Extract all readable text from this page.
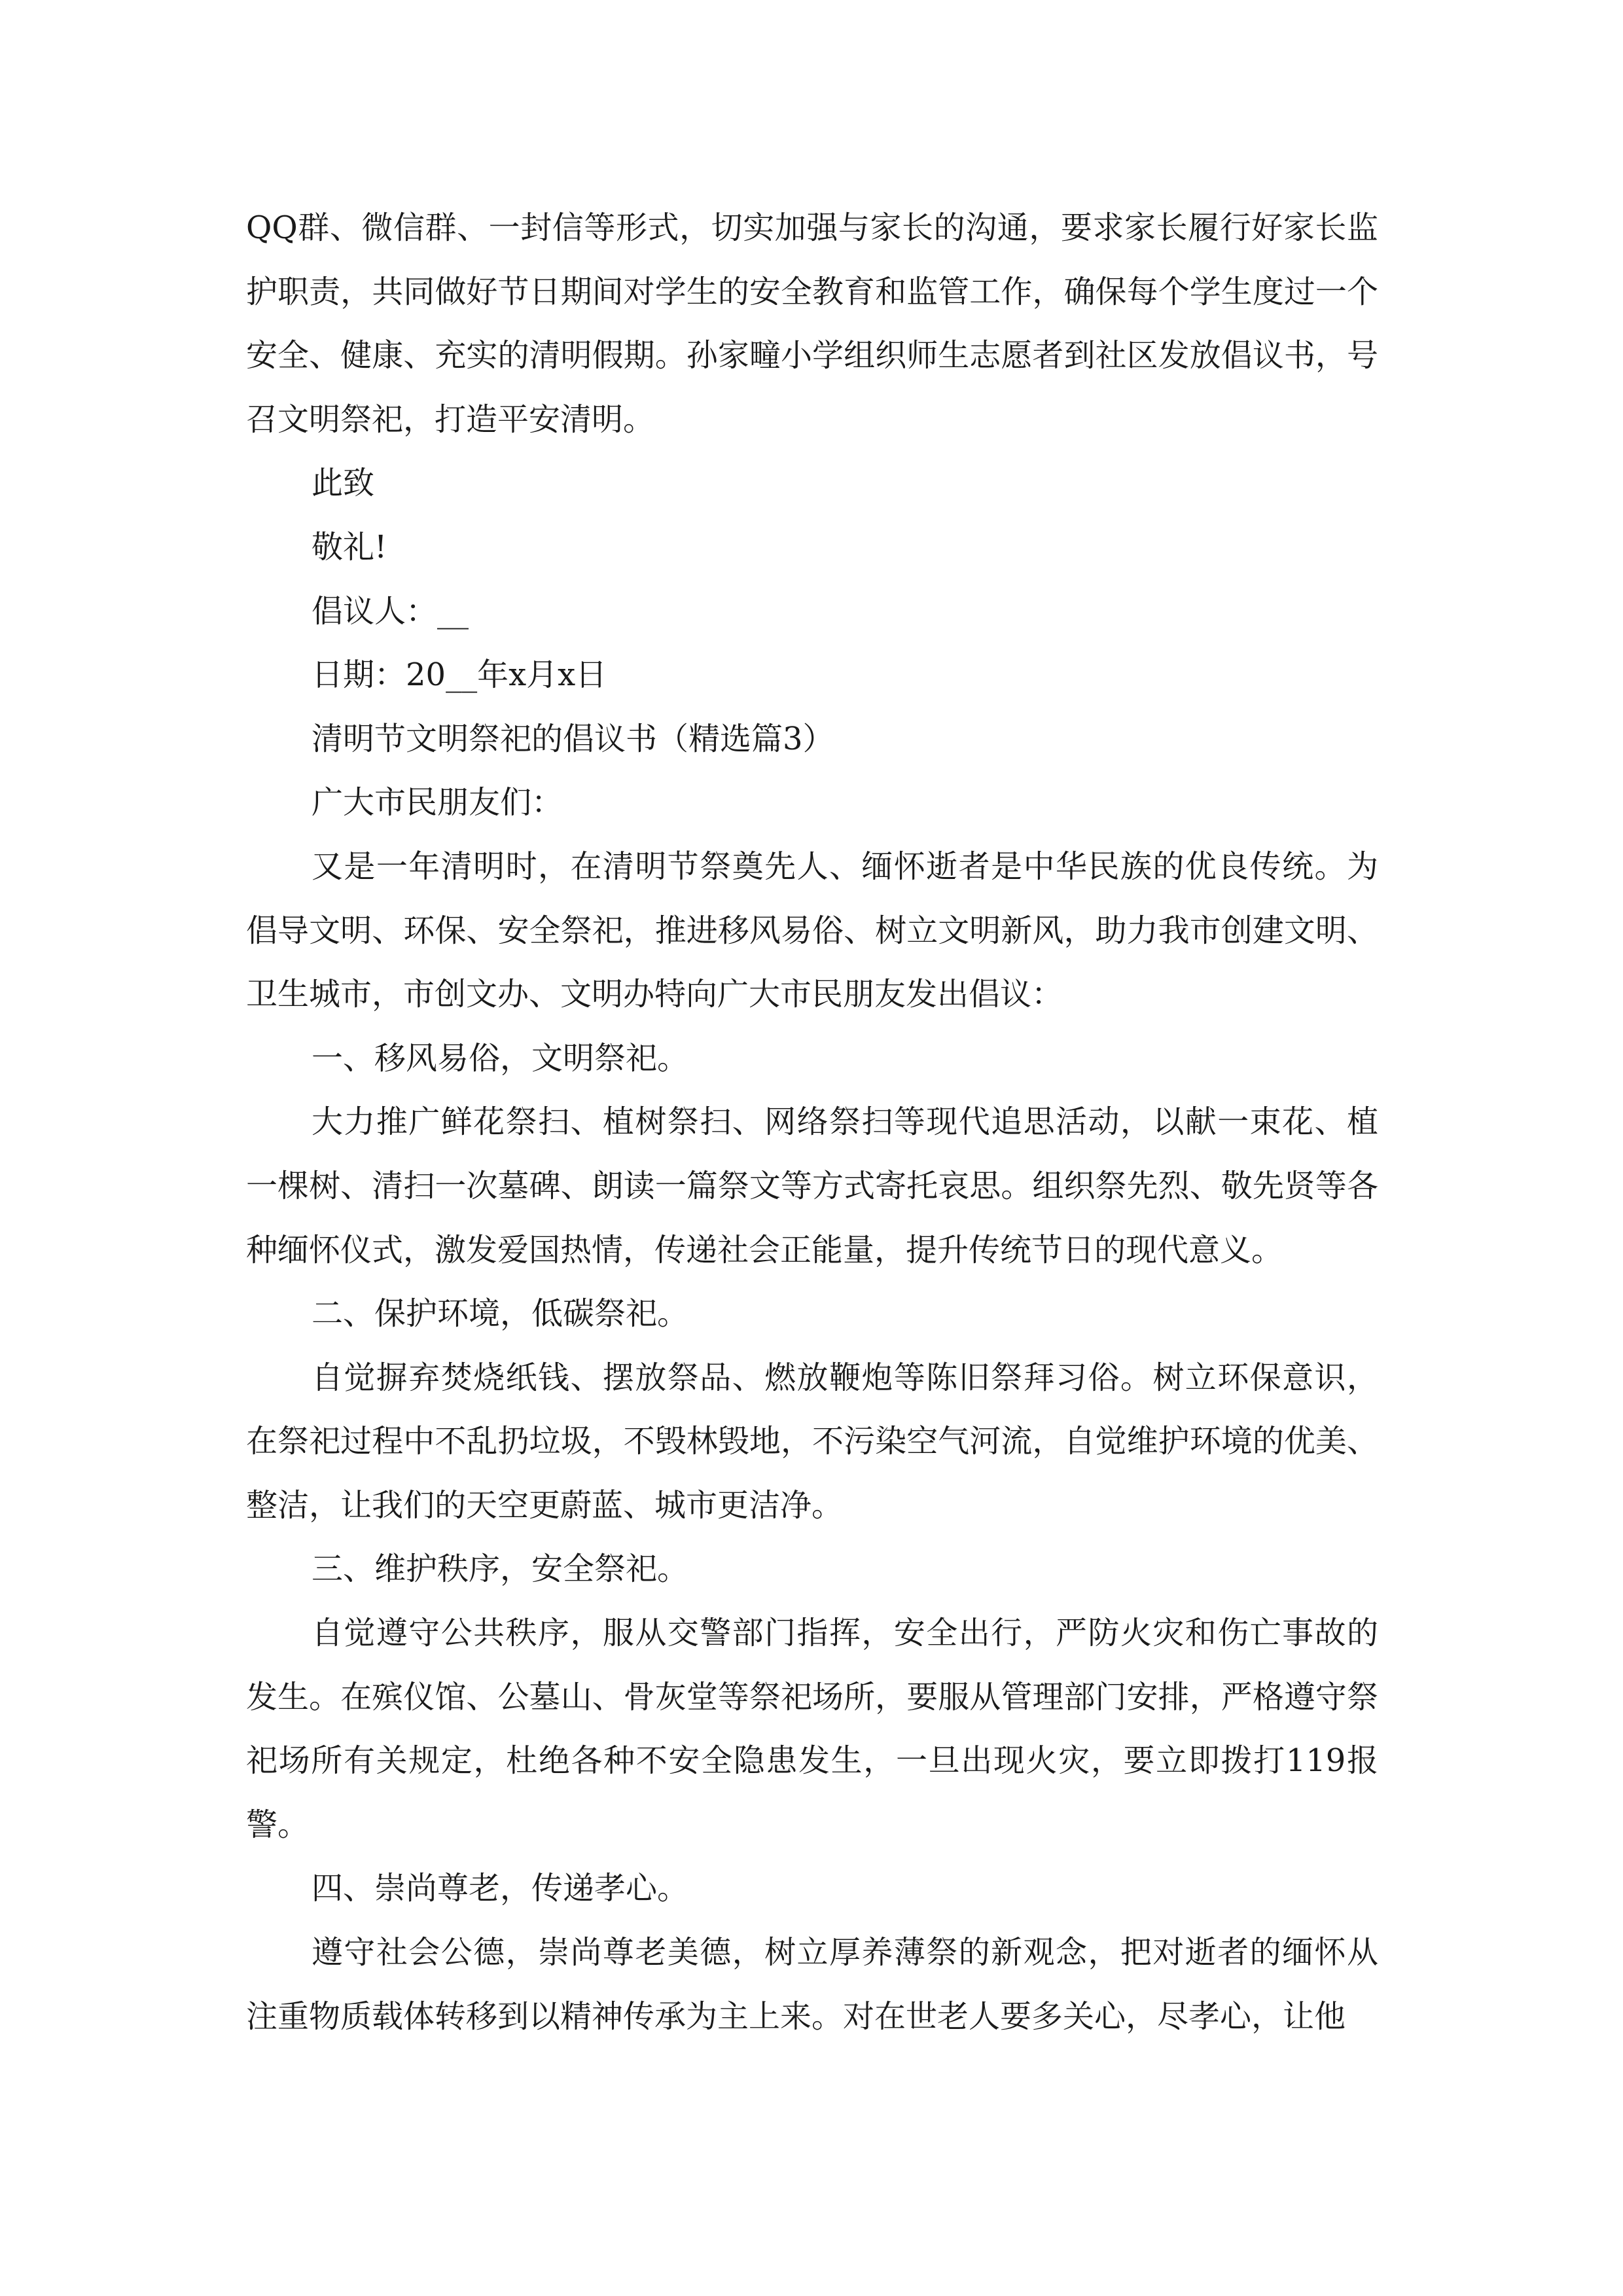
QQ群、微信群、一封信等形式，切实加强与家长的沟通，要求家长履行好家长监护职责，共同做好节日期间对学生的安全教育和监管工作，确保每个学生度过一个安全、健康、充实的清明假期。孙家疃小学组织师生志愿者到社区发放倡议书，号召文明祭祀，打造平安清明。

此致

敬礼!

倡议人：__

日期：20__年x月x日

清明节文明祭祀的倡议书（精选篇3）

广大市民朋友们：

又是一年清明时，在清明节祭奠先人、缅怀逝者是中华民族的优良传统。为倡导文明、环保、安全祭祀，推进移风易俗、树立文明新风，助力我市创建文明、卫生城市，市创文办、文明办特向广大市民朋友发出倡议：

一、移风易俗，文明祭祀。

大力推广鲜花祭扫、植树祭扫、网络祭扫等现代追思活动，以献一束花、植一棵树、清扫一次墓碑、朗读一篇祭文等方式寄托哀思。组织祭先烈、敬先贤等各种缅怀仪式，激发爱国热情，传递社会正能量，提升传统节日的现代意义。

二、保护环境，低碳祭祀。

自觉摒弃焚烧纸钱、摆放祭品、燃放鞭炮等陈旧祭拜习俗。树立环保意识，在祭祀过程中不乱扔垃圾，不毁林毁地，不污染空气河流，自觉维护环境的优美、整洁，让我们的天空更蔚蓝、城市更洁净。

三、维护秩序，安全祭祀。

自觉遵守公共秩序，服从交警部门指挥，安全出行，严防火灾和伤亡事故的发生。在殡仪馆、公墓山、骨灰堂等祭祀场所，要服从管理部门安排，严格遵守祭祀场所有关规定，杜绝各种不安全隐患发生，一旦出现火灾，要立即拨打119报警。

四、崇尚尊老，传递孝心。

遵守社会公德，崇尚尊老美德，树立厚养薄祭的新观念，把对逝者的缅怀从注重物质载体转移到以精神传承为主上来。对在世老人要多关心，尽孝心，让他
